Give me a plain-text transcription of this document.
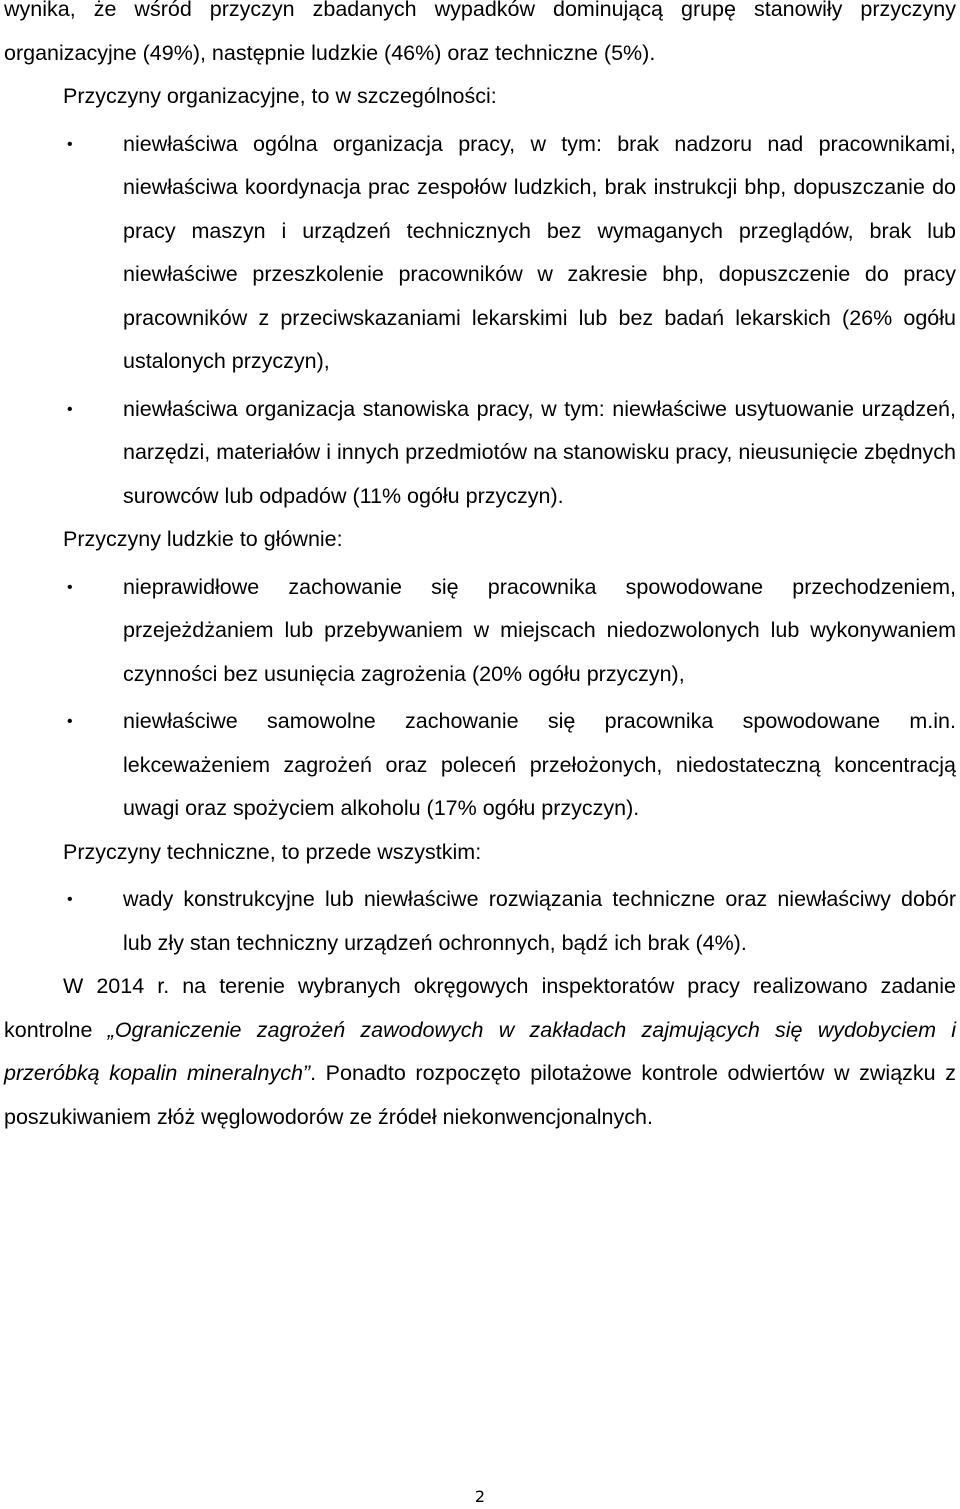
wynika, że wśród przyczyn zbadanych wypadków dominującą grupę stanowiły przyczyny organizacyjne (49%), następnie ludzkie (46%) oraz techniczne (5%).

Przyczyny organizacyjne, to w szczególności:

• niewłaściwa ogólna organizacja pracy, w tym: brak nadzoru nad pracownikami, niewłaściwa koordynacja prac zespołów ludzkich, brak instrukcji bhp, dopuszczanie do pracy maszyn i urządzeń technicznych bez wymaganych przeglądów, brak lub niewłaściwe przeszkolenie pracowników w zakresie bhp, dopuszczenie do pracy pracowników z przeciwskazaniami lekarskimi lub bez badań lekarskich (26% ogółu ustalonych przyczyn),
• niewłaściwa organizacja stanowiska pracy, w tym: niewłaściwe usytuowanie urządzeń, narzędzi, materiałów i innych przedmiotów na stanowisku pracy, nieusunięcie zbędnych surowców lub odpadów (11% ogółu przyczyn).

Przyczyny ludzkie to głównie:

• nieprawidłowe zachowanie się pracownika spowodowane przechodzeniem, przejeżdżaniem lub przebywaniem w miejscach niedozwolonych lub wykonywaniem czynności bez usunięcia zagrożenia (20% ogółu przyczyn),
• niewłaściwe samowolne zachowanie się pracownika spowodowane m.in. lekceważeniem zagrożeń oraz poleceń przełożonych, niedostateczną koncentracją uwagi oraz spożyciem alkoholu (17% ogółu przyczyn).

Przyczyny techniczne, to przede wszystkim:

• wady konstrukcyjne lub niewłaściwe rozwiązania techniczne oraz niewłaściwy dobór lub zły stan techniczny urządzeń ochronnych, bądź ich brak (4%).

W 2014 r. na terenie wybranych okręgowych inspektoratów pracy realizowano zadanie kontrolne „Ograniczenie zagrożeń zawodowych w zakładach zajmujących się wydobyciem i przeróbką kopalin mineralnych”. Ponadto rozpoczęto pilotażowe kontrole odwiertów w związku z poszukiwaniem złóż węglowodorów ze źródeł niekonwencjonalnych.

2
